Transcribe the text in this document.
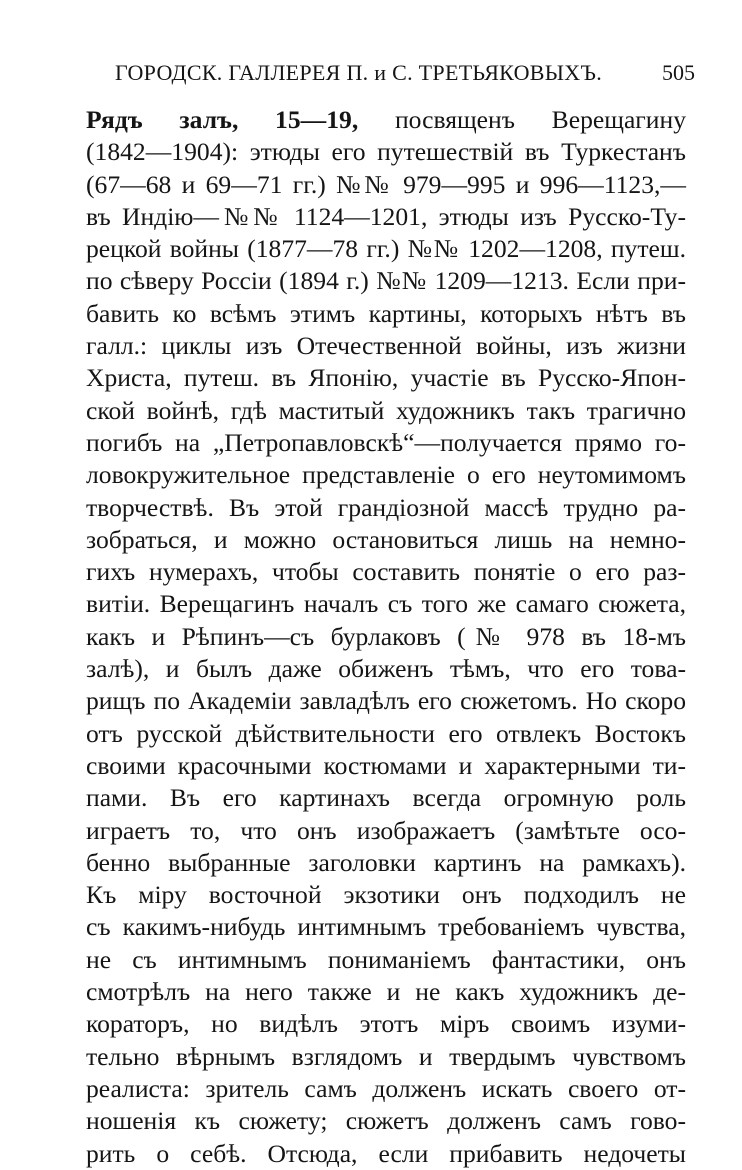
ГОРОДСК. ГАЛЛЕРЕЯ П. и С. ТРЕТЬЯКОВЫХЪ.	505
Рядъ залъ, 15—19, посвященъ Верещагину
(1842—1904): этюды его путешествій въ Туркестанъ
(67—68 и 69—71 гг.) №№ 979—995 и 996—1123,—
въ Индію—№№ 1124—1201, этюды изъ Русско-Ту-
рецкой войны (1877—78 гг.) №№ 1202—1208, путеш.
по сѣверу Россіи (1894 г.) №№ 1209—1213. Если при-
бавить ко всѣмъ этимъ картины, которыхъ нѣтъ въ
галл.: циклы изъ Отечественной войны, изъ жизни
Христа, путеш. въ Японію, участіе въ Русско-Япон-
ской войнѣ, гдѣ маститый художникъ такъ трагично
погибъ на „Петропавловскѣ“—получается прямо го-
ловокружительное представленіе о его неутомимомъ
творчествѣ. Въ этой грандіозной массѣ трудно ра-
зобраться, и можно остановиться лишь на немно-
гихъ нумерахъ, чтобы составить понятіе о его раз-
витіи. Верещагинъ началъ съ того же самаго сюжета,
какъ и Рѣпинъ—съ бурлаковъ (№ 978 въ 18-мъ
залѣ), и былъ даже обиженъ тѣмъ, что его това-
рищъ по Академіи завладѣлъ его сюжетомъ. Но скоро
отъ русской дѣйствительности его отвлекъ Востокъ
своими красочными костюмами и характерными ти-
пами. Въ его картинахъ всегда огромную роль
играетъ то, что онъ изображаетъ (замѣтьте осо-
бенно выбранные заголовки картинъ на рамкахъ).
Къ міру восточной экзотики онъ подходилъ не
съ какимъ-нибудь интимнымъ требованіемъ чувства,
не съ интимнымъ пониманіемъ фантастики, онъ
смотрѣлъ на него также и не какъ художникъ де-
кораторъ, но видѣлъ этотъ міръ своимъ изуми-
тельно вѣрнымъ взглядомъ и твердымъ чувствомъ
реалиста: зритель самъ долженъ искать своего от-
ношенія къ сюжету; сюжетъ долженъ самъ гово-
рить о себѣ. Отсюда, если прибавить недочеты
